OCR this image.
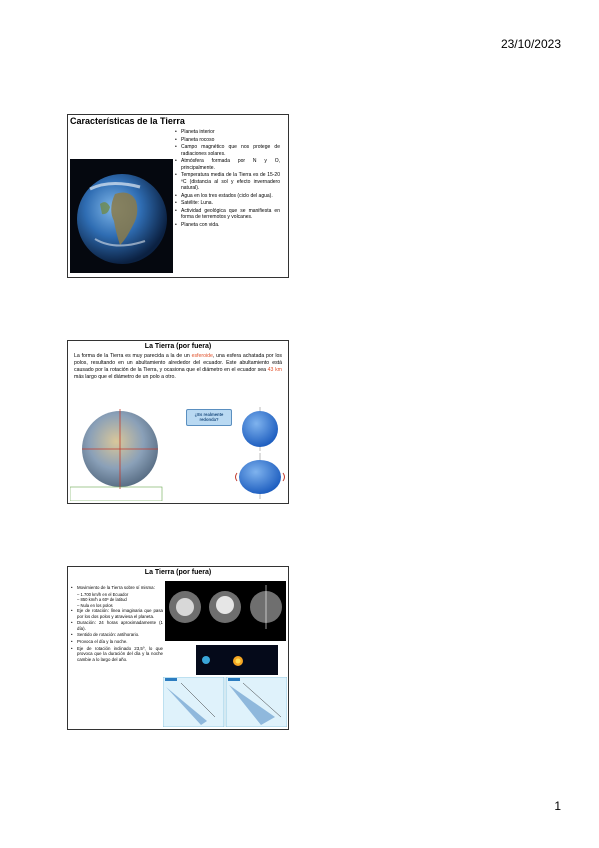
23/10/2023
Características de la Tierra
• Planeta interior
• Planeta rocoso
• Campo magnético que nos protege de radiaciones solares.
• Atmósfera formada por N y O, principalmente.
• Temperatura media de la Tierra es de 15-20 ºC (distancia al sol y efecto invernadero natural).
• Agua en los tres estados (ciclo del agua).
• Satélite: Luna.
• Actividad geológica que se manifiesta en forma de terremotos y volcanes.
• Planeta con vida.
La Tierra (por fuera)

La forma de la Tierra es muy parecida a la de un esferoide, una esfera achatada por los polos, resultando en un abultamiento alrededor del ecuador. Este abultamiento está causado por la rotación de la Tierra, y ocasiona que el diámetro en el ecuador sea 43 km más largo que el diámetro de un polo a otro.

¿Es realmente redonda?
La Tierra (por fuera)
• Movimiento de la Tierra sobre sí misma:
– 1.700 km/h en el Ecuador
– 850 km/h a 60º de latitud
– Nula en los polos
• Eje de rotación: línea imaginaria que pasa por los dos polos y atraviesa el planeta.
• Duración: 24 horas aproximadamente (1 día).
• Sentido de rotación: antihorario.
• Provoca el día y la noche.
• Eje de rotación inclinado 23,5º, lo que provoca que la duración del día y la noche cambie a lo largo del año.
1
